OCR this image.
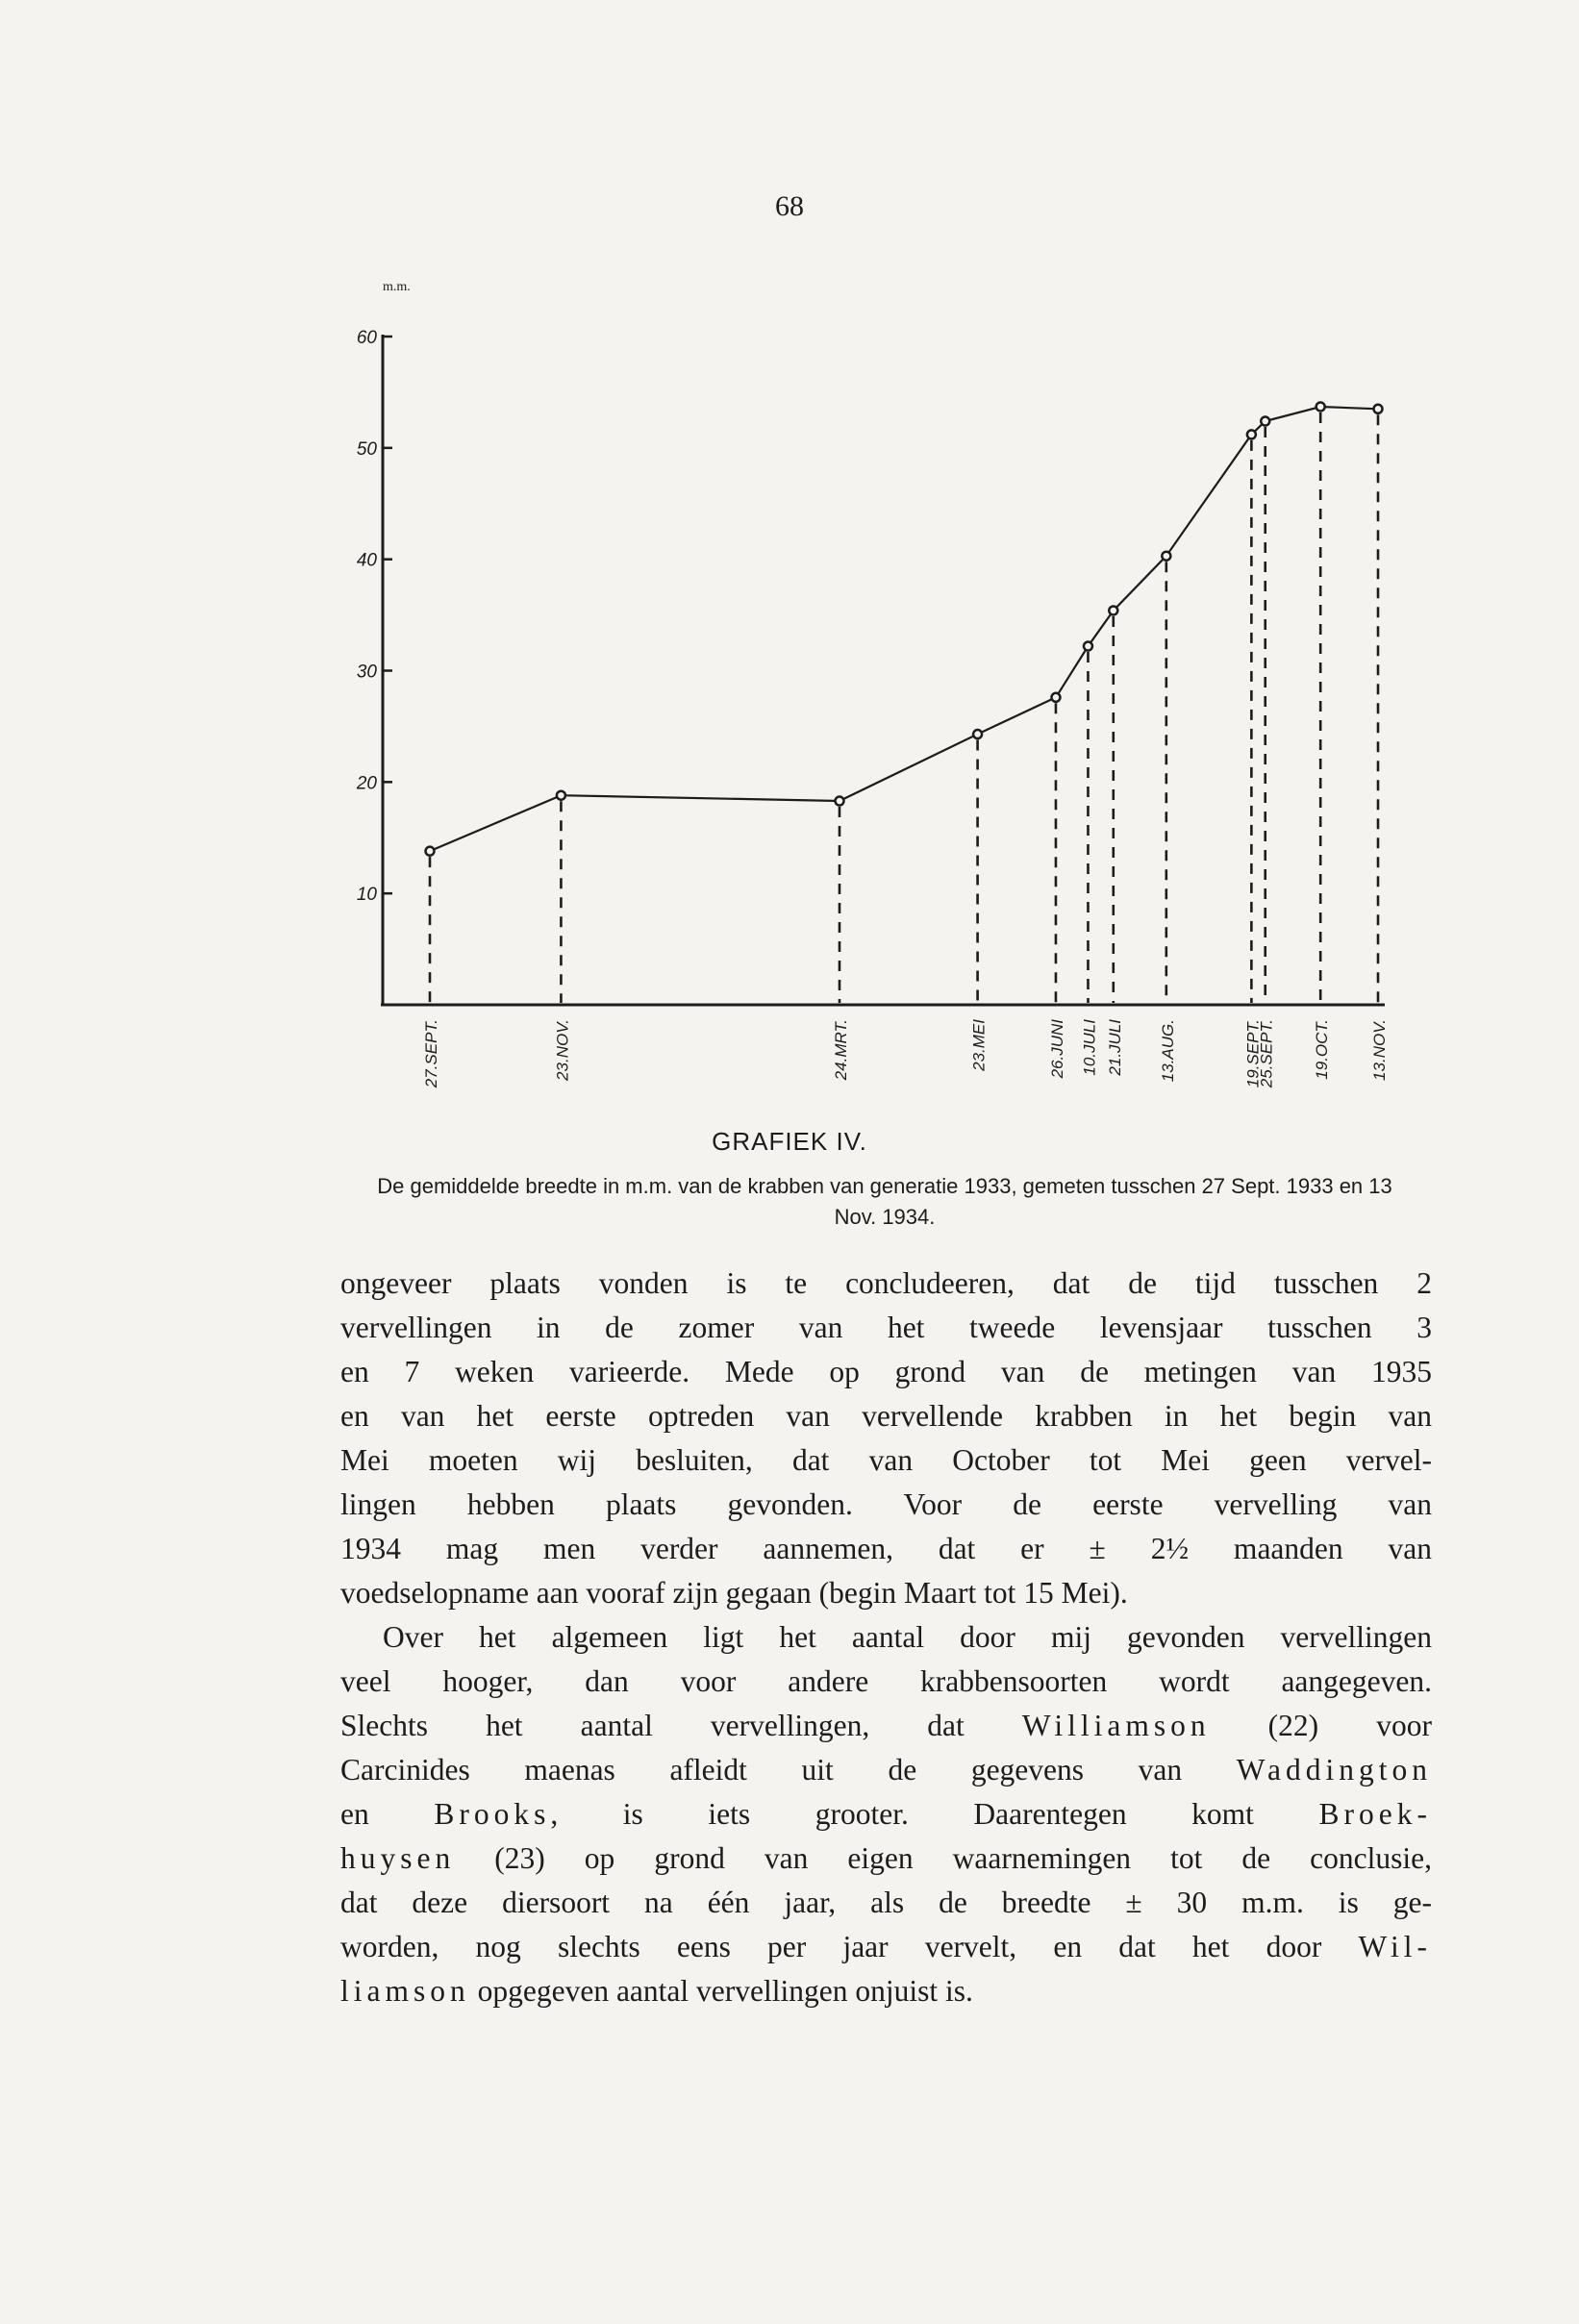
68
m.m.
10
20
30
40
50
60
27.SEPT.	23.NOV.	24.MRT.	23.MEI	26.JUNI 10.JULI 21.JULI 13.AUG.	19.SEPT.
25.SEPT. 19.OCT. 13.NOV.
GRAFIEK IV.
De gemiddelde breedte in m.m. van de krabben van generatie 1933, gemeten tusschen 27 Sept. 1933 en 13 Nov. 1934.

ongeveer plaats vonden is te concludeeren, dat de tijd tusschen 2

vervellingen in de zomer van het tweede levensjaar tusschen 3

en 7 weken varieerde. Mede op grond van de metingen van 1935

en van het eerste optreden van vervellende krabben in het begin van

Mei moeten wij besluiten, dat van October tot Mei geen vervel-

lingen hebben plaats gevonden. Voor de eerste vervelling van

1934 mag men verder aannemen, dat er ± 2½ maanden van

voedselopname aan vooraf zijn gegaan (begin Maart tot 15 Mei).

Over het algemeen ligt het aantal door mij gevonden vervellingen

veel hooger, dan voor andere krabbensoorten wordt aangegeven.

Slechts het aantal vervellingen, dat Williamson (22) voor

Carcinides maenas afleidt uit de gegevens van Waddington

en Brooks, is iets grooter. Daarentegen komt Broek-

huysen (23) op grond van eigen waarnemingen tot de conclusie,

dat deze diersoort na één jaar, als de breedte ± 30 m.m. is ge-

worden, nog slechts eens per jaar vervelt, en dat het door Wil-

liamson opgegeven aantal vervellingen onjuist is.
